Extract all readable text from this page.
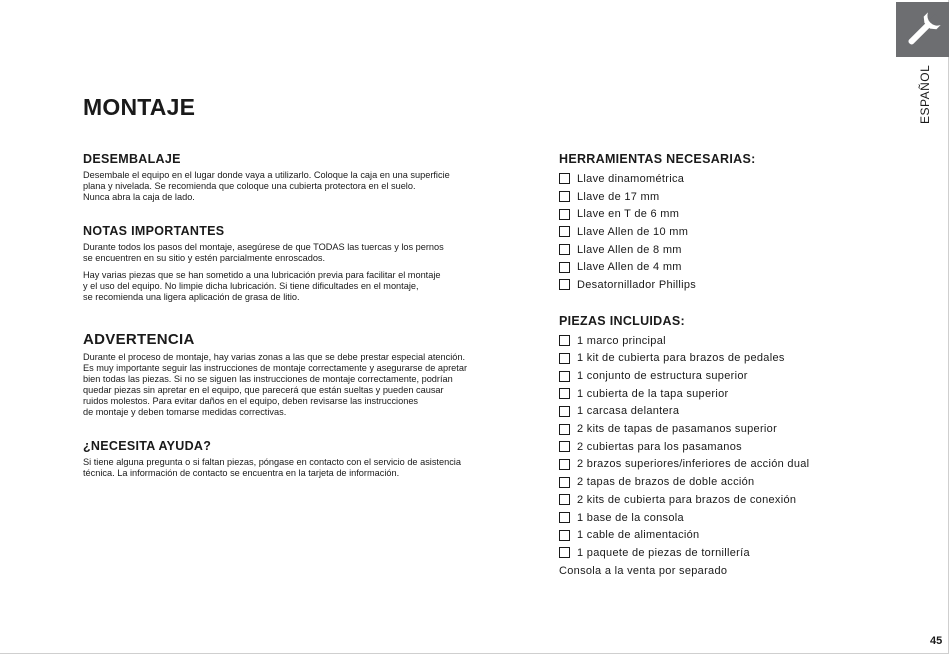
ESPAÑOL
MONTAJE
DESEMBALAJE

Desembale el equipo en el lugar donde vaya a utilizarlo. Coloque la caja en una superficie
plana y nivelada. Se recomienda que coloque una cubierta protectora en el suelo.
Nunca abra la caja de lado.

NOTAS IMPORTANTES

Durante todos los pasos del montaje, asegúrese de que TODAS las tuercas y los pernos
se encuentren en su sitio y estén parcialmente enroscados.

Hay varias piezas que se han sometido a una lubricación previa para facilitar el montaje
y el uso del equipo. No limpie dicha lubricación. Si tiene dificultades en el montaje,
se recomienda una ligera aplicación de grasa de litio.

ADVERTENCIA

Durante el proceso de montaje, hay varias zonas a las que se debe prestar especial atención.
Es muy importante seguir las instrucciones de montaje correctamente y asegurarse de apretar
bien todas las piezas. Si no se siguen las instrucciones de montaje correctamente, podrían
quedar piezas sin apretar en el equipo, que parecerá que están sueltas y pueden causar
ruidos molestos. Para evitar daños en el equipo, deben revisarse las instrucciones
de montaje y deben tomarse medidas correctivas.

¿NECESITA AYUDA?

Si tiene alguna pregunta o si faltan piezas, póngase en contacto con el servicio de asistencia
técnica. La información de contacto se encuentra en la tarjeta de información.

HERRAMIENTAS NECESARIAS:
Llave dinamométrica
Llave de 17 mm
Llave en T de 6 mm
Llave Allen de 10 mm
Llave Allen de 8 mm
Llave Allen de 4 mm
Desatornillador Phillips
PIEZAS INCLUIDAS:
1 marco principal
1 kit de cubierta para brazos de pedales
1 conjunto de estructura superior
1 cubierta de la tapa superior
1 carcasa delantera
2 kits de tapas de pasamanos superior
2 cubiertas para los pasamanos
2 brazos superiores/inferiores de acción dual
2 tapas de brazos de doble acción
2 kits de cubierta para brazos de conexión
1 base de la consola
1 cable de alimentación
1 paquete de piezas de tornillería
Consola a la venta por separado
45
